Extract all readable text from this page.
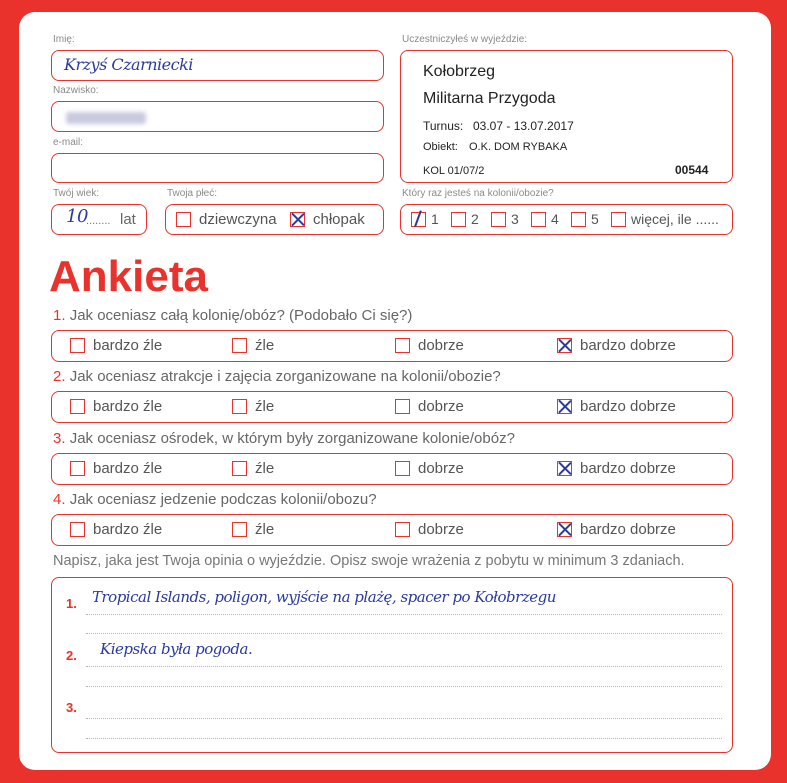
Imię:
Krzyś Czarniecki
Nazwisko:
e-mail:
Twój wiek:
10
........ lat
Twoja płeć:
dziewczyna	chłopak
Uczestniczyłeś w wyjeździe:
Kołobrzeg
Militarna Przygoda
Turnus: 03.07 - 13.07.2017
Obiekt: O.K. DOM RYBAKA
KOL 01/07/2	00544
Który raz jesteś na kolonii/obozie?
1	2	3	4	5	więcej, ile ......
Ankieta
1. Jak oceniasz całą kolonię/obóz? (Podobało Ci się?)
bardzo źle	źle	dobrze	bardzo dobrze
2. Jak oceniasz atrakcje i zajęcia zorganizowane na kolonii/obozie?
bardzo źle	źle	dobrze	bardzo dobrze
3. Jak oceniasz ośrodek, w którym były zorganizowane kolonie/obóz?
bardzo źle	źle	dobrze	bardzo dobrze
4. Jak oceniasz jedzenie podczas kolonii/obozu?
bardzo źle	źle	dobrze	bardzo dobrze
Napisz, jaka jest Twoja opinia o wyjeździe. Opisz swoje wrażenia z pobytu w minimum 3 zdaniach.
1. Tropical Islands, poligon, wyjście na plażę, spacer po Kołobrzegu
2. Kiepska była pogoda.
3.
